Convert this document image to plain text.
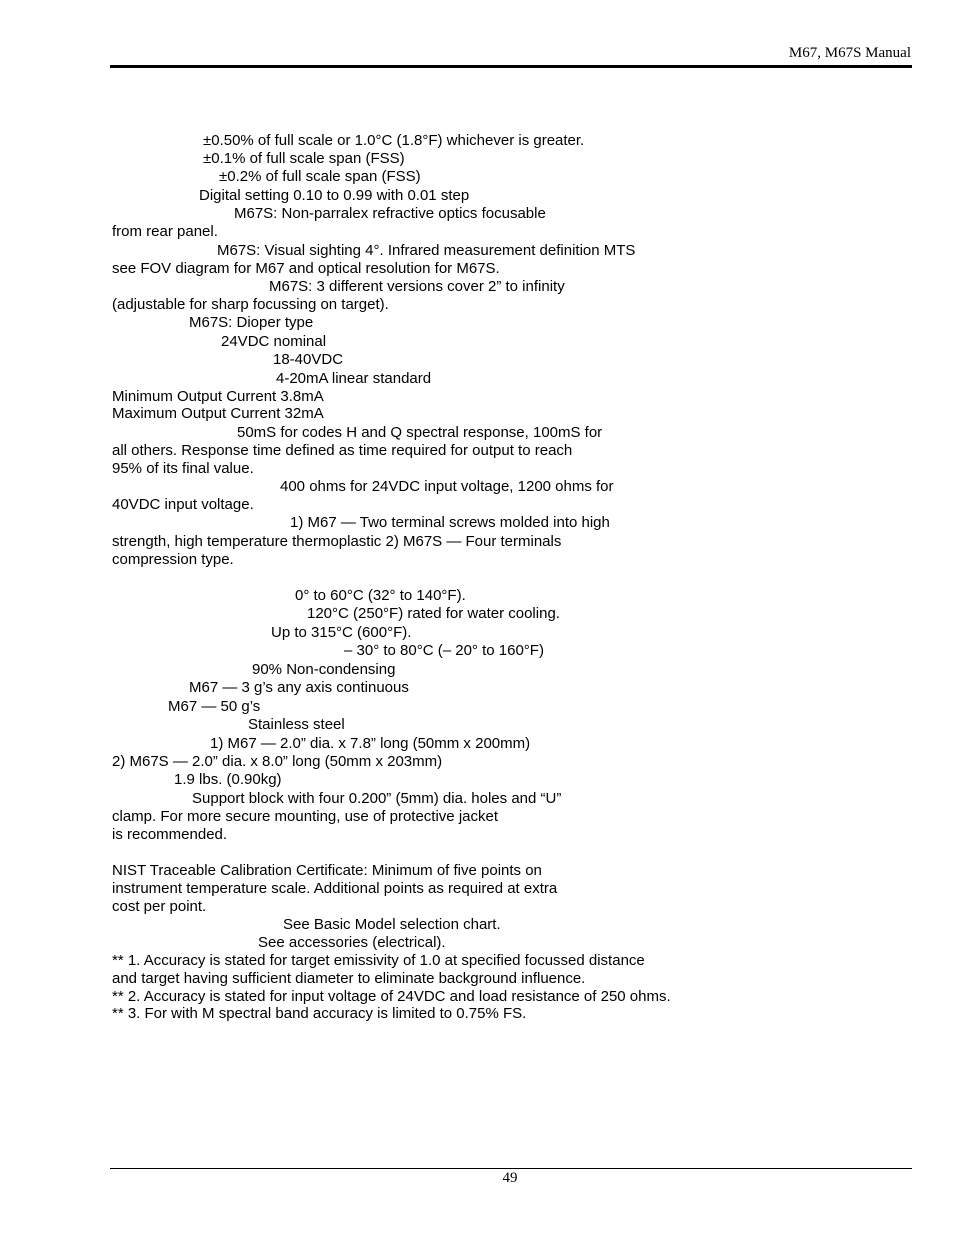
M67, M67S Manual
±0.50% of full scale or 1.0°C (1.8°F) whichever is greater.
±0.1% of full scale span (FSS)
±0.2% of full scale span (FSS)
Digital setting 0.10 to 0.99 with 0.01 step
M67S: Non-parralex refractive optics focusable
from rear panel.
M67S: Visual sighting 4°. Infrared measurement definition MTS
see FOV diagram for M67 and optical resolution for M67S.
M67S: 3 different versions cover 2” to infinity
(adjustable for sharp focussing on target).
M67S: Dioper type
24VDC nominal
18-40VDC
4-20mA linear standard
Minimum Output Current 3.8mA
Maximum Output Current 32mA
50mS for codes H and Q spectral response, 100mS for
all others. Response time defined as time required for output to reach
95% of its final value.
400 ohms for 24VDC input voltage, 1200 ohms for
40VDC input voltage.
1) M67 — Two terminal screws molded into high
strength, high temperature thermoplastic 2) M67S — Four terminals
compression type.
0° to 60°C (32° to 140°F).
120°C (250°F) rated for water cooling.
Up to 315°C (600°F).
– 30° to 80°C (– 20° to 160°F)
90% Non-condensing
M67 — 3 g’s any axis continuous
M67 — 50 g’s
Stainless steel
1) M67 — 2.0” dia. x 7.8” long (50mm x 200mm)
2) M67S — 2.0” dia. x 8.0” long (50mm x 203mm)
1.9 lbs. (0.90kg)
Support block with four 0.200” (5mm) dia. holes and “U”
clamp. For more secure mounting, use of protective jacket
is recommended.
NIST Traceable Calibration Certificate: Minimum of five points on
instrument temperature scale. Additional points as required at extra
cost per point.
See Basic Model selection chart.
See accessories (electrical).
** 1. Accuracy is stated for target emissivity of 1.0 at specified focussed distance
and target having sufficient diameter to eliminate background influence.
** 2. Accuracy is stated for input voltage of 24VDC and load resistance of 250 ohms.
** 3. For with M spectral band accuracy is limited to 0.75% FS.
49
